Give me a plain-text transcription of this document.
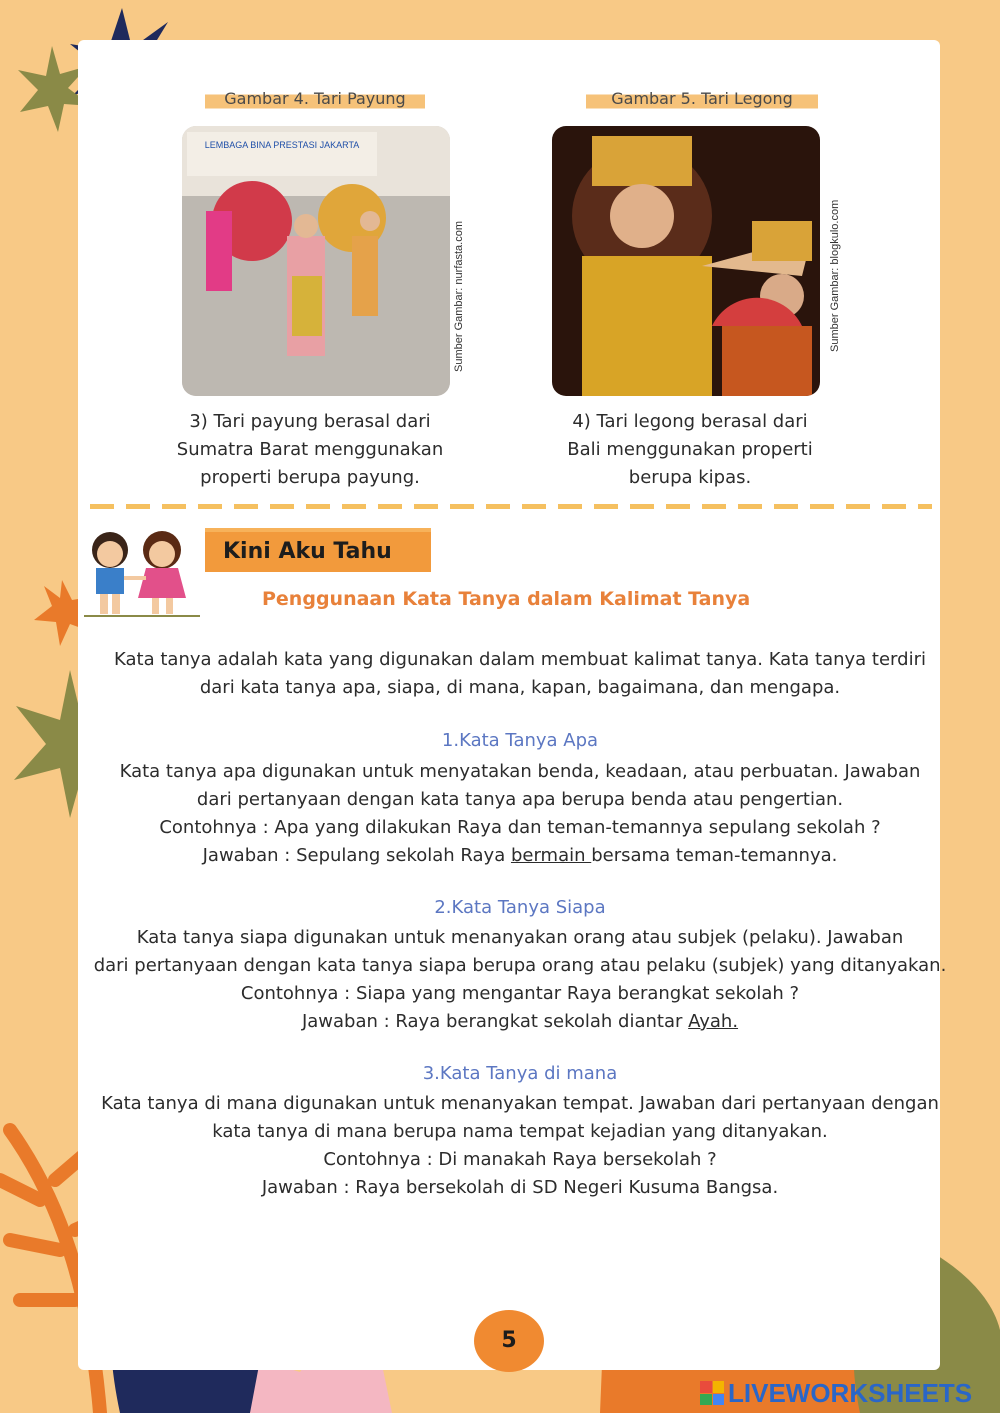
Gambar 4. Tari Payung
LEMBAGA BINA PRESTASI JAKARTA
Sumber Gambar: nurfasta.com
3) Tari payung berasal dari
Sumatra Barat menggunakan
properti berupa payung.
Gambar 5. Tari Legong
Sumber Gambar: blogkulo.com
4) Tari legong berasal dari
Bali menggunakan properti
berupa kipas.
Kini Aku Tahu
Penggunaan Kata Tanya dalam Kalimat Tanya
Kata tanya adalah kata yang digunakan dalam membuat kalimat tanya. Kata tanya terdiri
dari kata tanya apa, siapa, di mana, kapan, bagaimana, dan mengapa.
1.Kata Tanya Apa
Kata tanya apa digunakan untuk menyatakan benda, keadaan, atau perbuatan. Jawaban
dari pertanyaan dengan kata tanya apa berupa benda atau pengertian.
Contohnya : Apa yang dilakukan Raya dan teman-temannya sepulang sekolah ?
Jawaban : Sepulang sekolah Raya bermain bersama teman-temannya.
2.Kata Tanya Siapa
Kata tanya siapa digunakan untuk menanyakan orang atau subjek (pelaku). Jawaban
dari pertanyaan dengan kata tanya siapa berupa orang atau pelaku (subjek) yang ditanyakan.
Contohnya : Siapa yang mengantar Raya berangkat sekolah ?
Jawaban : Raya berangkat sekolah diantar Ayah.
3.Kata Tanya di mana
Kata tanya di mana digunakan untuk menanyakan tempat. Jawaban dari pertanyaan dengan
kata tanya di mana berupa nama tempat kejadian yang ditanyakan.
Contohnya : Di manakah Raya bersekolah ?
Jawaban : Raya bersekolah di SD Negeri Kusuma Bangsa.
5
LIVEWORKSHEETS
